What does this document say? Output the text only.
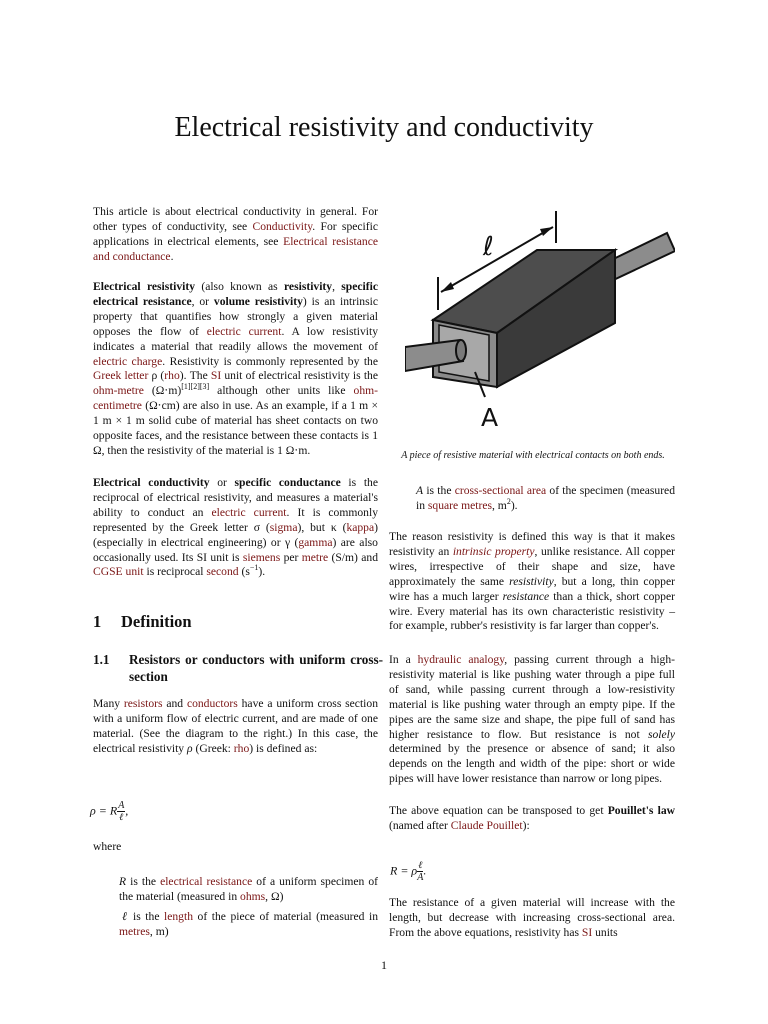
Electrical resistivity and conductivity

This article is about electrical conductivity in general. For other types of conductivity, see Conductivity. For specific applications in electrical elements, see Electrical resistance and conductance.

Electrical resistivity (also known as resistivity, specific electrical resistance, or volume resistivity) is an intrinsic property that quantifies how strongly a given material opposes the flow of electric current. A low resistivity indicates a material that readily allows the movement of electric charge. Resistivity is commonly represented by the Greek letter ρ (rho). The SI unit of electrical resistivity is the ohm-metre (Ω⋅m)[1][2][3] although other units like ohm-centimetre (Ω⋅cm) are also in use. As an example, if a 1 m × 1 m × 1 m solid cube of material has sheet contacts on two opposite faces, and the resistance between these contacts is 1 Ω, then the resistivity of the material is 1 Ω⋅m.

Electrical conductivity or specific conductance is the reciprocal of electrical resistivity, and measures a material's ability to conduct an electric current. It is commonly represented by the Greek letter σ (sigma), but κ (kappa) (especially in electrical engineering) or γ (gamma) are also occasionally used. Its SI unit is siemens per metre (S/m) and CGSE unit is reciprocal second $(s^{-1})$.

1 Definition
1.1 Resistors or conductors with uniform cross-section

Many resistors and conductors have a uniform cross section with a uniform flow of electric current, and are made of one material. (See the diagram to the right.) In this case, the electrical resistivity ρ (Greek: rho) is defined as:

ρ = R $\frac{A}{\text{ℓ}}$ ,

where

R is the electrical resistance of a uniform specimen of the material (measured in ohms, Ω)

ℓ is the length of the piece of material (measured in metres, m)

ℓ
A
A piece of resistive material with electrical contacts on both ends.

A is the cross-sectional area of the specimen (measured in square metres, $m^2$).

The reason resistivity is defined this way is that it makes resistivity an intrinsic property, unlike resistance. All copper wires, irrespective of their shape and size, have approximately the same resistivity, but a long, thin copper wire has a much larger resistance than a thick, short copper wire. Every material has its own characteristic resistivity – for example, rubber's resistivity is far larger than copper's.

In a hydraulic analogy, passing current through a high-resistivity material is like pushing water through a pipe full of sand, while passing current through a low-resistivity material is like pushing water through an empty pipe. If the pipes are the same size and shape, the pipe full of sand has higher resistance to flow. But resistance is not solely determined by the presence or absence of sand; it also depends on the length and width of the pipe: short or wide pipes will have lower resistance than narrow or long pipes.

The above equation can be transposed to get Pouillet's law (named after Claude Pouillet):

R = ρ $\frac{\text{ℓ}}{A}$ .

The resistance of a given material will increase with the length, but decrease with increasing cross-sectional area. From the above equations, resistivity has SI units

1
